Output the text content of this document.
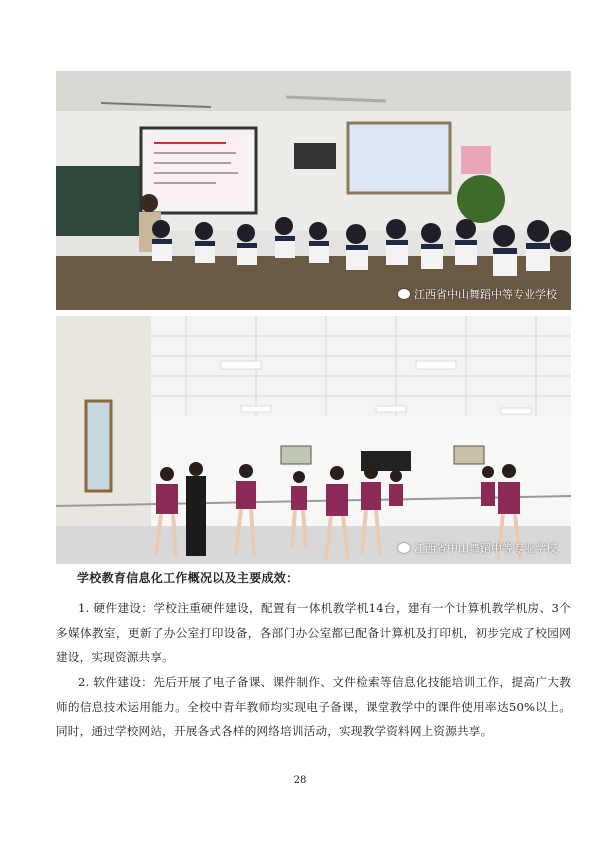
江西省中山舞蹈中等专业学校
江西省中山舞蹈中等专业学校
学校教育信息化工作概况以及主要成效：

1. 硬件建设：学校注重硬件建设，配置有一体机教学机14台，建有一个计算机教学机房、3个多媒体教室，更新了办公室打印设备，各部门办公室都已配备计算机及打印机，初步完成了校园网建设，实现资源共享。

2. 软件建设：先后开展了电子备课、课件制作、文件检索等信息化技能培训工作，提高广大教师的信息技术运用能力。全校中青年教师均实现电子备课，课堂教学中的课件使用率达50%以上。同时，通过学校网站，开展各式各样的网络培训活动，实现教学资料网上资源共享。

28
